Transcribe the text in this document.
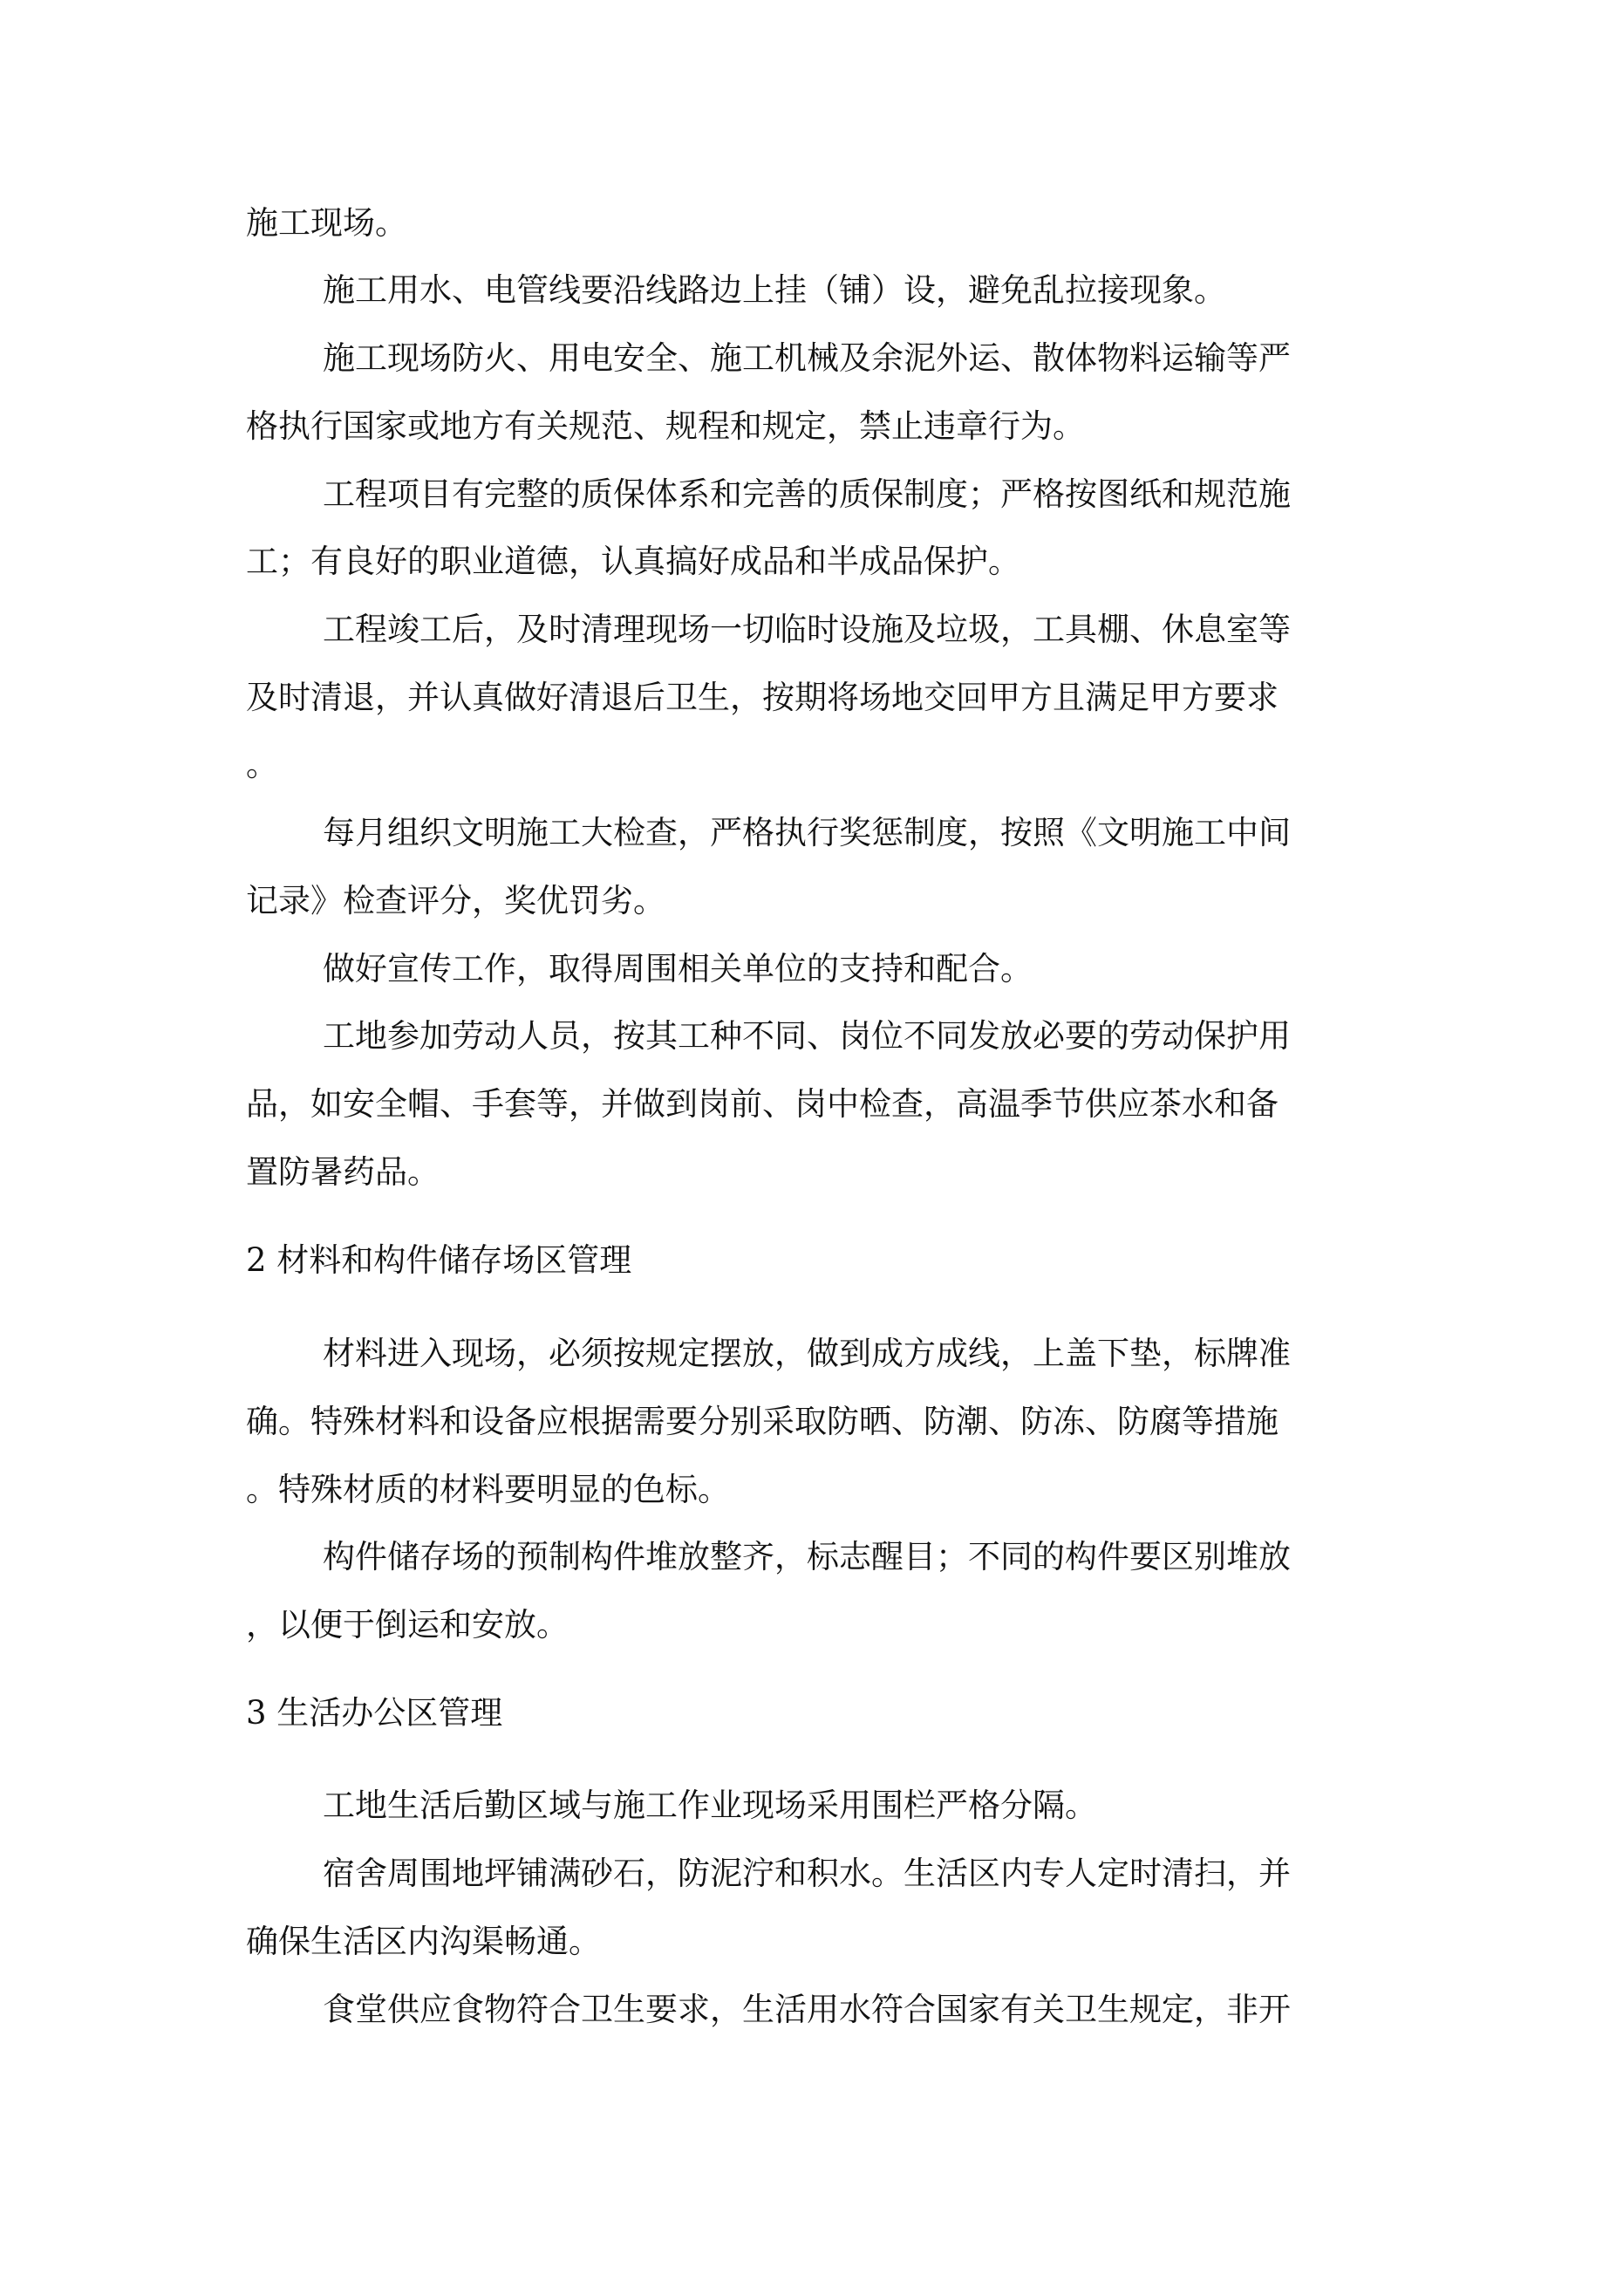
施工现场。
施工用水、电管线要沿线路边上挂（铺）设，避免乱拉接现象。
施工现场防火、用电安全、施工机械及余泥外运、散体物料运输等严
格执行国家或地方有关规范、规程和规定，禁止违章行为。
工程项目有完整的质保体系和完善的质保制度；严格按图纸和规范施
工；有良好的职业道德，认真搞好成品和半成品保护。
工程竣工后，及时清理现场一切临时设施及垃圾，工具棚、休息室等
及时清退，并认真做好清退后卫生，按期将场地交回甲方且满足甲方要求
。
每月组织文明施工大检查，严格执行奖惩制度，按照《文明施工中间
记录》检查评分，奖优罚劣。
做好宣传工作，取得周围相关单位的支持和配合。
工地参加劳动人员，按其工种不同、岗位不同发放必要的劳动保护用
品，如安全帽、手套等，并做到岗前、岗中检查，高温季节供应茶水和备
置防暑药品。
2 材料和构件储存场区管理
材料进入现场，必须按规定摆放，做到成方成线，上盖下垫，标牌准
确。特殊材料和设备应根据需要分别采取防晒、防潮、防冻、防腐等措施
。特殊材质的材料要明显的色标。
构件储存场的预制构件堆放整齐，标志醒目；不同的构件要区别堆放
，以便于倒运和安放。
3 生活办公区管理
工地生活后勤区域与施工作业现场采用围栏严格分隔。
宿舍周围地坪铺满砂石，防泥泞和积水。生活区内专人定时清扫，并
确保生活区内沟渠畅通。
食堂供应食物符合卫生要求，生活用水符合国家有关卫生规定，非开
